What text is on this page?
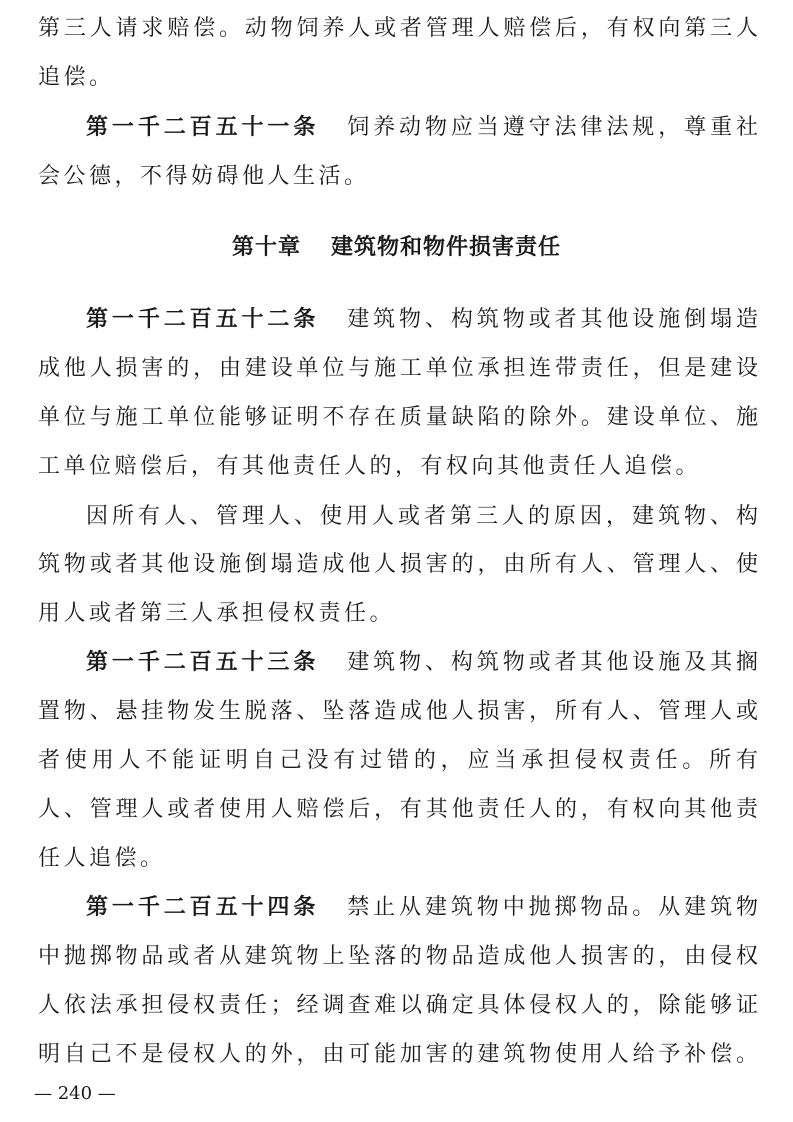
第三人请求赔偿。动物饲养人或者管理人赔偿后，有权向第三人
追偿。
第一千二百五十一条 饲养动物应当遵守法律法规，尊重社
会公德，不得妨碍他人生活。
第十章 建筑物和物件损害责任
第一千二百五十二条 建筑物、构筑物或者其他设施倒塌造
成他人损害的，由建设单位与施工单位承担连带责任，但是建设
单位与施工单位能够证明不存在质量缺陷的除外。建设单位、施
工单位赔偿后，有其他责任人的，有权向其他责任人追偿。
因所有人、管理人、使用人或者第三人的原因，建筑物、构
筑物或者其他设施倒塌造成他人损害的，由所有人、管理人、使
用人或者第三人承担侵权责任。
第一千二百五十三条 建筑物、构筑物或者其他设施及其搁
置物、悬挂物发生脱落、坠落造成他人损害，所有人、管理人或
者使用人不能证明自己没有过错的，应当承担侵权责任。所有
人、管理人或者使用人赔偿后，有其他责任人的，有权向其他责
任人追偿。
第一千二百五十四条 禁止从建筑物中抛掷物品。从建筑物
中抛掷物品或者从建筑物上坠落的物品造成他人损害的，由侵权
人依法承担侵权责任；经调查难以确定具体侵权人的，除能够证
明自己不是侵权人的外，由可能加害的建筑物使用人给予补偿。
— 240 —
